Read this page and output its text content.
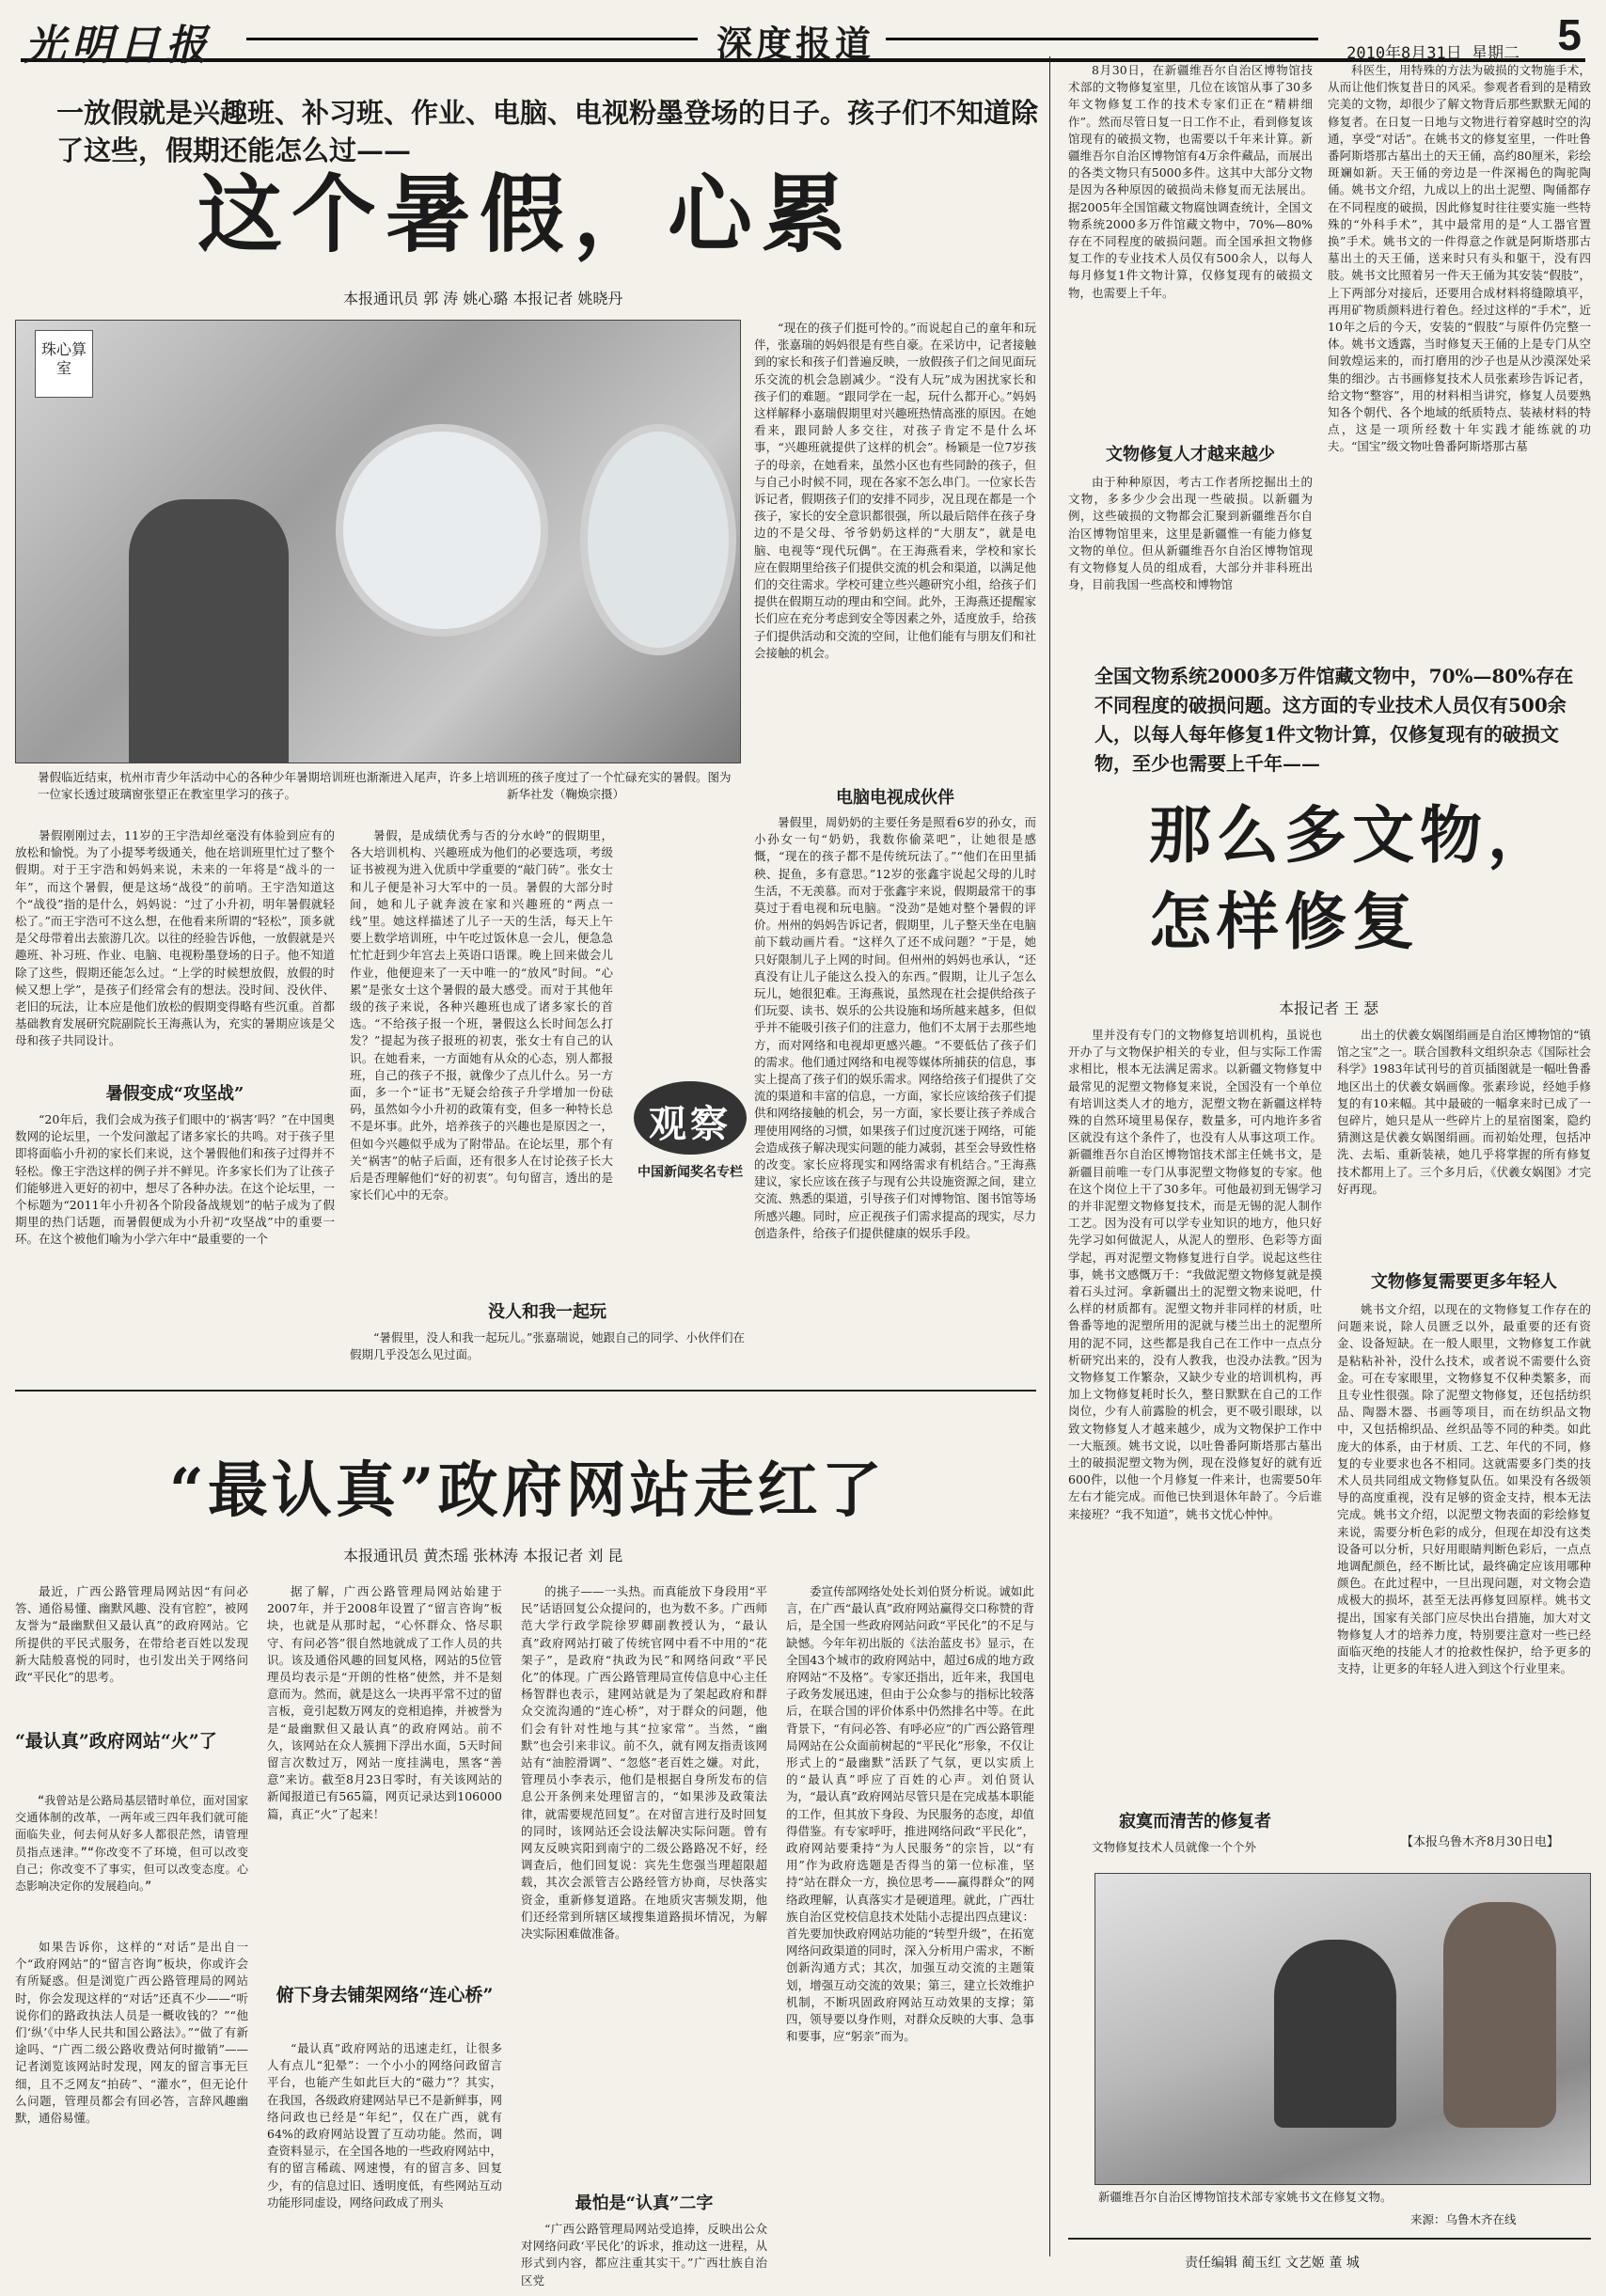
光明日报	深度报道	2010年8月31日 星期二 5
一放假就是兴趣班、补习班、作业、电脑、电视粉墨登场的日子。孩子们不知道除了这些，假期还能怎么过——
这个暑假，心累
本报通讯员 郭 涛 姚心璐 本报记者 姚晓丹
珠心算室
暑假临近结束，杭州市青少年活动中心的各种少年暑期培训班也渐渐进入尾声，许多上培训班的孩子度过了一个忙碌充实的暑假。图为一位家长透过玻璃窗张望正在教室里学习的孩子。	新华社发（鞠焕宗摄）

“现在的孩子们挺可怜的。”而说起自己的童年和玩伴，张嘉瑞的妈妈很是有些自豪。在采访中，记者接触到的家长和孩子们普遍反映，一放假孩子们之间见面玩乐交流的机会急剧减少。“没有人玩”成为困扰家长和孩子们的难题。“跟同学在一起，玩什么都开心。”妈妈这样解释小嘉瑞假期里对兴趣班热情高涨的原因。在她看来，跟同龄人多交往，对孩子肯定不是什么坏事，“兴趣班就提供了这样的机会”。杨颖是一位7岁孩子的母亲，在她看来，虽然小区也有些同龄的孩子，但与自己小时候不同，现在各家不怎么串门。一位家长告诉记者，假期孩子们的安排不同步，况且现在都是一个孩子，家长的安全意识都很强，所以最后陪伴在孩子身边的不是父母、爷爷奶奶这样的“大朋友”，就是电脑、电视等“现代玩偶”。在王海燕看来，学校和家长应在假期里给孩子们提供交流的机会和渠道，以满足他们的交往需求。学校可建立些兴趣研究小组，给孩子们提供在假期互动的理由和空间。此外，王海燕还提醒家长们应在充分考虑到安全等因素之外，适度放手，给孩子们提供活动和交流的空间，让他们能有与朋友们和社会接触的机会。

电脑电视成伙伴

暑假里，周奶奶的主要任务是照看6岁的孙女，而小孙女一句“奶奶，我数你偷菜吧”，让她很是感慨，“现在的孩子都不是传统玩法了。”“他们在田里插秧、捉鱼，多有意思。”12岁的张鑫宇说起父母的儿时生活，不无羡慕。而对于张鑫宇来说，假期最常干的事莫过于看电视和玩电脑。“没劲”是她对整个暑假的评价。州州的妈妈告诉记者，假期里，儿子整天坐在电脑前下载动画片看。“这样久了还不成问题？”于是，她只好限制儿子上网的时间。但州州的妈妈也承认，“还真没有让儿子能这么投入的东西。”假期，让儿子怎么玩儿，她很犯难。王海燕说，虽然现在社会提供给孩子们玩耍、读书、娱乐的公共设施和场所越来越多，但似乎并不能吸引孩子们的注意力，他们不太屑于去那些地方，而对网络和电视却更感兴趣。“不要低估了孩子们的需求。他们通过网络和电视等媒体所捕获的信息，事实上提高了孩子们的娱乐需求。网络给孩子们提供了交流的渠道和丰富的信息，一方面，家长应该给孩子们提供和网络接触的机会，另一方面，家长要让孩子养成合理使用网络的习惯，如果孩子们过度沉迷于网络，可能会造成孩子解决现实问题的能力减弱，甚至会导致性格的改变。家长应将现实和网络需求有机结合。”王海燕建议，家长应该在孩子与现有公共设施资源之间，建立交流、熟悉的渠道，引导孩子们对博物馆、图书馆等场所感兴趣。同时，应正视孩子们需求提高的现实，尽力创造条件，给孩子们提供健康的娱乐手段。

暑假刚刚过去，11岁的王宇浩却丝毫没有体验到应有的放松和愉悦。为了小提琴考级通关，他在培训班里忙过了整个假期。对于王宇浩和妈妈来说，未来的一年将是“战斗的一年”，而这个暑假，便是这场“战役”的前哨。王宇浩知道这个“战役”指的是什么，妈妈说：“过了小升初，明年暑假就轻松了。”而王宇浩可不这么想，在他看来所谓的“轻松”，顶多就是父母带着出去旅游几次。以往的经验告诉他，一放假就是兴趣班、补习班、作业、电脑、电视粉墨登场的日子。他不知道除了这些，假期还能怎么过。“上学的时候想放假，放假的时候又想上学”，是孩子们经常会有的想法。没时间、没伙伴、老旧的玩法，让本应是他们放松的假期变得略有些沉重。首都基础教育发展研究院副院长王海燕认为，充实的暑期应该是父母和孩子共同设计。

暑假变成“攻坚战”

“20年后，我们会成为孩子们眼中的‘祸害’吗？”在中国奥数网的论坛里，一个发问激起了诸多家长的共鸣。对于孩子里即将面临小升初的家长们来说，这个暑假他们和孩子过得并不轻松。像王宇浩这样的例子并不鲜见。许多家长们为了让孩子们能够进入更好的初中，想尽了各种办法。在这个论坛里，一个标题为“2011年小升初各个阶段备战规划”的帖子成为了假期里的热门话题，而暑假便成为小升初“攻坚战”中的重要一环。在这个被他们喻为小学六年中“最重要的一个

暑假，是成绩优秀与否的分水岭”的假期里，各大培训机构、兴趣班成为他们的必要选项，考级证书被视为进入优质中学重要的“敲门砖”。张女士和儿子便是补习大军中的一员。暑假的大部分时间，她和儿子就奔波在家和兴趣班的“两点一线”里。她这样描述了儿子一天的生活，每天上午要上数学培训班，中午吃过饭休息一会儿，便急急忙忙赶到少年宫去上英语口语课。晚上回来做会儿作业，他便迎来了一天中唯一的“放风”时间。“心累”是张女士这个暑假的最大感受。而对于其他年级的孩子来说，各种兴趣班也成了诸多家长的首选。“不给孩子报一个班，暑假这么长时间怎么打发？”提起为孩子报班的初衷，张女士有自己的认识。在她看来，一方面她有从众的心态，别人都报班，自己的孩子不报，就像少了点儿什么。另一方面，多一个“证书”无疑会给孩子升学增加一份砝码，虽然如今小升初的政策有变，但多一种特长总不是坏事。此外，培养孩子的兴趣也是原因之一，但如今兴趣似乎成为了附带品。在论坛里，那个有关“祸害”的帖子后面，还有很多人在讨论孩子长大后是否理解他们“好的初衷”。句句留言，透出的是家长们心中的无奈。

没人和我一起玩

“暑假里，没人和我一起玩儿。”张嘉瑞说，她跟自己的同学、小伙伴们在假期几乎没怎么见过面。

观察
中国新闻奖名专栏
“最认真”政府网站走红了
本报通讯员 黄杰瑶 张林涛 本报记者 刘 昆

最近，广西公路管理局网站因“有问必答、通俗易懂、幽默风趣、没有官腔”，被网友誉为“最幽默但又最认真”的政府网站。它所提供的平民式服务，在带给老百姓以发现新大陆般喜悦的同时，也引发出关于网络问政“平民化”的思考。

“最认真”政府网站“火”了

“我曾站是公路局基层错时单位，面对国家交通体制的改革，一两年或三四年我们就可能面临失业，何去何从好多人都很茫然，请管理员指点迷津。”“你改变不了环境，但可以改变自己；你改变不了事实，但可以改变态度。心态影响决定你的发展趋向。”

如果告诉你，这样的“对话”是出自一个“政府网站”的“留言咨询”板块，你或许会有所疑惑。但是浏览广西公路管理局的网站时，你会发现这样的“对话”还真不少——“听说你们的路政执法人员是一概收钱的？”“他们‘纵’《中华人民共和国公路法》。”“做了有新途吗、“广西二级公路收费站何时撤销”——记者浏览该网站时发现，网友的留言事无巨细，且不乏网友“拍砖”、“灌水”，但无论什么问题，管理员都会有回必答，言辞风趣幽默，通俗易懂。

据了解，广西公路管理局网站始建于2007年，并于2008年设置了“留言咨询”板块，也就是从那时起，“心怀群众、恪尽职守、有问必答”很自然地就成了工作人员的共识。该及通俗风趣的回复风格，网站的5位管理员均表示是“开朗的性格”使然，并不是刻意而为。然而，就是这么一块再平常不过的留言板，竟引起数万网友的竞相追捧，并被誉为是“最幽默但又最认真”的政府网站。前不久，该网站在众人簇拥下浮出水面，5天时间留言次数过万，网站一度挂满电，黑客“善意”来访。截至8月23日零时，有关该网站的新闻报道已有565篇，网页记录达到106000篇，真正“火”了起来！

俯下身去铺架网络“连心桥”

“最认真”政府网站的迅速走红，让很多人有点儿“犯晕”：一个小小的网络问政留言平台，也能产生如此巨大的“磁力”？其实，在我国，各级政府建网站早已不是新鲜事，网络问政也已经是“年纪”，仅在广西，就有64%的政府网站设置了互动功能。然而，调查资料显示，在全国各地的一些政府网站中，有的留言稀疏、网速慢，有的留言多、回复少，有的信息过旧、透明度低，有些网站互动功能形同虚设，网络问政成了刑头

的挑子——一头热。而真能放下身段用“平民”话语回复公众提问的，也为数不多。广西师范大学行政学院徐罗卿副教授认为，“最认真”政府网站打破了传统官网中看不中用的“花架子”，是政府“执政为民”和网络问政“平民化”的体现。广西公路管理局宣传信息中心主任杨智群也表示，建网站就是为了架起政府和群众交流沟通的“连心桥”，对于群众的问题，他们会有针对性地与其“拉家常”。当然，“幽默”也会引来非议。前不久，就有网友指责该网站有“油腔滑调”、“忽悠”老百姓之嫌。对此，管理员小李表示，他们是根据自身所发布的信息公开条例来处理留言的，“如果涉及政策法律，就需要规范回复”。在对留言进行及时回复的同时，该网站还会设法解决实际问题。曾有网友反映宾阳到南宁的二级公路路况不好，经调查后，他们回复说：宾先生您强当理超限超载，其次会派管吉公路经管方协商，尽快落实资金，重新修复道路。在地质灾害频发期，他们还经常到所辖区域搜集道路损坏情况，为解决实际困难做准备。

最怕是“认真”二字

“广西公路管理局网站受追捧，反映出公众对网络问政‘平民化’的诉求，推动这一进程，从形式到内容，都应注重其实干。”广西壮族自治区党

委宣传部网络处处长刘伯贤分析说。诚如此言，在广西“最认真”政府网站赢得交口称赞的背后，是全国一些政府网站问政“平民化”的不足与缺憾。今年年初出版的《法治蓝皮书》显示，在全国43个城市的政府网站中，超过6成的地方政府网站“不及格”。专家还指出，近年来，我国电子政务发展迅速，但由于公众参与的指标比较落后，在联合国的评价体系中仍然排名中等。在此背景下，“有问必答、有呼必应”的广西公路管理局网站在公众面前树起的“平民化”形象，不仅让形式上的“最幽默”活跃了气氛，更以实质上的“最认真”呼应了百姓的心声。刘伯贤认为，“最认真”政府网站尽管只是在完成基本职能的工作，但其放下身段、为民服务的态度，却值得借鉴。有专家呼吁，推进网络问政“平民化”，政府网站要秉持“为人民服务”的宗旨，以“有用”作为政府选题是否得当的第一位标准，坚持“站在群众一方，换位思考——赢得群众”的网络政理解，认真落实才是硬道理。就此，广西壮族自治区党校信息技术处陆小志提出四点建议：首先要加快政府网站功能的“转型升级”，在拓宽网络问政渠道的同时，深入分析用户需求，不断创新沟通方式；其次，加强互动交流的主题策划，增强互动交流的效果；第三，建立长效维护机制，不断巩固政府网站互动效果的支撑；第四，领导要以身作则，对群众反映的大事、急事和要事，应“躬亲”而为。

8月30日，在新疆维吾尔自治区博物馆技术部的文物修复室里，几位在该馆从事了30多年文物修复工作的技术专家们正在“精耕细作”。然而尽管日复一日工作不止，看到修复该馆现有的破损文物，也需要以千年来计算。新疆维吾尔自治区博物馆有4万余件藏品，而展出的各类文物只有5000多件。这其中大部分文物是因为各种原因的破损尚未修复而无法展出。据2005年全国馆藏文物腐蚀调查统计，全国文物系统2000多万件馆藏文物中，70%—80%存在不同程度的破损问题。而全国承担文物修复工作的专业技术人员仅有500余人，以每人每月修复1件文物计算，仅修复现有的破损文物，也需要上千年。

文物修复人才越来越少

由于种种原因，考古工作者所挖掘出土的文物，多多少少会出现一些破损。以新疆为例，这些破损的文物都会汇聚到新疆维吾尔自治区博物馆里来，这里是新疆惟一有能力修复文物的单位。但从新疆维吾尔自治区博物馆现有文物修复人员的组成看，大部分并非科班出身，目前我国一些高校和博物馆

科医生，用特殊的方法为破损的文物施手术，从而让他们恢复昔日的风采。参观者看到的是精致完美的文物，却很少了解文物背后那些默默无闻的修复者。在日复一日地与文物进行着穿越时空的沟通，享受“对话”。在姚书文的修复室里，一件吐鲁番阿斯塔那古墓出土的天王俑，高约80厘米，彩绘斑斓如新。天王俑的旁边是一件深褐色的陶驼陶俑。姚书文介绍，九成以上的出土泥塑、陶俑都存在不同程度的破损，因此修复时往往要实施一些特殊的“外科手术”，其中最常用的是“人工器官置换”手术。姚书文的一件得意之作就是阿斯塔那古墓出土的天王俑，送来时只有头和躯干，没有四肢。姚书文比照着另一件天王俑为其安装“假肢”，上下两部分对接后，还要用合成材料将缝隙填平，再用矿物质颜料进行着色。经过这样的“手术”，近10年之后的今天，安装的“假肢”与原件仍完整一体。姚书文透露，当时修复天王俑的上是专门从空间敦煌运来的，而打磨用的沙子也是从沙漠深处采集的细沙。古书画修复技术人员张素珍告诉记者，给文物“整容”，用的材料相当讲究，修复人员要熟知各个朝代、各个地域的纸质特点、装裱材料的特点，这是一项所经数十年实践才能练就的功夫。“国宝”级文物吐鲁番阿斯塔那古墓

全国文物系统2000多万件馆藏文物中，70%—80%存在不同程度的破损问题。这方面的专业技术人员仅有500余人，以每人每年修复1件文物计算，仅修复现有的破损文物，至少也需要上千年——
那么多文物，
怎样修复
本报记者 王 瑟

里并没有专门的文物修复培训机构，虽说也开办了与文物保护相关的专业，但与实际工作需求相比，根本无法满足需求。以新疆文物修复中最常见的泥塑文物修复来说，全国没有一个单位有培训这类人才的地方，泥塑文物在新疆这样特殊的自然环境里易保存，数量多，可内地许多省区就没有这个条件了，也没有人从事这项工作。新疆维吾尔自治区博物馆技术部主任姚书文，是新疆目前唯一专门从事泥塑文物修复的专家。他在这个岗位上干了30多年。可他最初到无锡学习的并非泥塑文物修复技术，而是无锡的泥人制作工艺。因为没有可以学专业知识的地方，他只好先学习如何做泥人，从泥人的塑形、色彩等方面学起，再对泥塑文物修复进行自学。说起这些往事，姚书文感慨万千：“我做泥塑文物修复就是摸着石头过河。拿新疆出土的泥塑文物来说吧，什么样的材质都有。泥塑文物并非同样的材质，吐鲁番等地的泥塑所用的泥就与楼兰出土的泥塑所用的泥不同，这些都是我自己在工作中一点点分析研究出来的，没有人教我，也没办法教。”因为文物修复工作繁杂，又缺少专业的培训机构，再加上文物修复耗时长久，整日默默在自己的工作岗位，少有人前露脸的机会，更不吸引眼球，以致文物修复人才越来越少，成为文物保护工作中一大瓶颈。姚书文说，以吐鲁番阿斯塔那古墓出土的破损泥塑文物为例，现在没修复好的就有近600件，以他一个月修复一件来计，也需要50年左右才能完成。而他已快到退休年龄了。今后谁来接班？“我不知道”，姚书文忧心忡忡。

寂寞而清苦的修复者

文物修复技术人员就像一个个外

出土的伏羲女娲图绢画是自治区博物馆的“镇馆之宝”之一。联合国教科文组织杂志《国际社会科学》1983年试刊号的首页插图就是一幅吐鲁番地区出土的伏羲女娲画像。张素珍说，经她手修复的有10来幅。其中最破的一幅拿来时已成了一包碎片，她只是从一些碎片上的星宿图案，隐约猜测这是伏羲女娲图绢画。而初始处理，包括冲洗、去垢、重新装裱，她几乎将掌握的所有修复技术都用上了。三个多月后，《伏羲女娲图》才完好再现。

文物修复需要更多年轻人

姚书文介绍，以现在的文物修复工作存在的问题来说，除人员匮乏以外，最重要的还有资金、设备短缺。在一般人眼里，文物修复工作就是粘粘补补，没什么技术，或者说不需要什么资金。可在专家眼里，文物修复不仅种类繁多，而且专业性很强。除了泥塑文物修复，还包括纺织品、陶器木器、书画等项目，而在纺织品文物中，又包括棉织品、丝织品等不同的种类。如此庞大的体系，由于材质、工艺、年代的不同，修复的专业要求也各不相同。这就需要多门类的技术人员共同组成文物修复队伍。如果没有各级领导的高度重视，没有足够的资金支持，根本无法完成。姚书文介绍，以泥塑文物表面的彩绘修复来说，需要分析色彩的成分，但现在却没有这类设备可以分析，只好用眼睛判断色彩后，一点点地调配颜色，经不断比试，最终确定应该用哪种颜色。在此过程中，一旦出现问题，对文物会造成极大的损坏，甚至无法再修复回原样。姚书文提出，国家有关部门应尽快出台措施，加大对文物修复人才的培养力度，特别要注意对一些已经面临灭绝的技能人才的抢救性保护，给予更多的支持，让更多的年轻人进入到这个行业里来。

【本报乌鲁木齐8月30日电】
新疆维吾尔自治区博物馆技术部专家姚书文在修复文物。
来源：乌鲁木齐在线
责任编辑 蔺玉红 文艺姬 董 城
